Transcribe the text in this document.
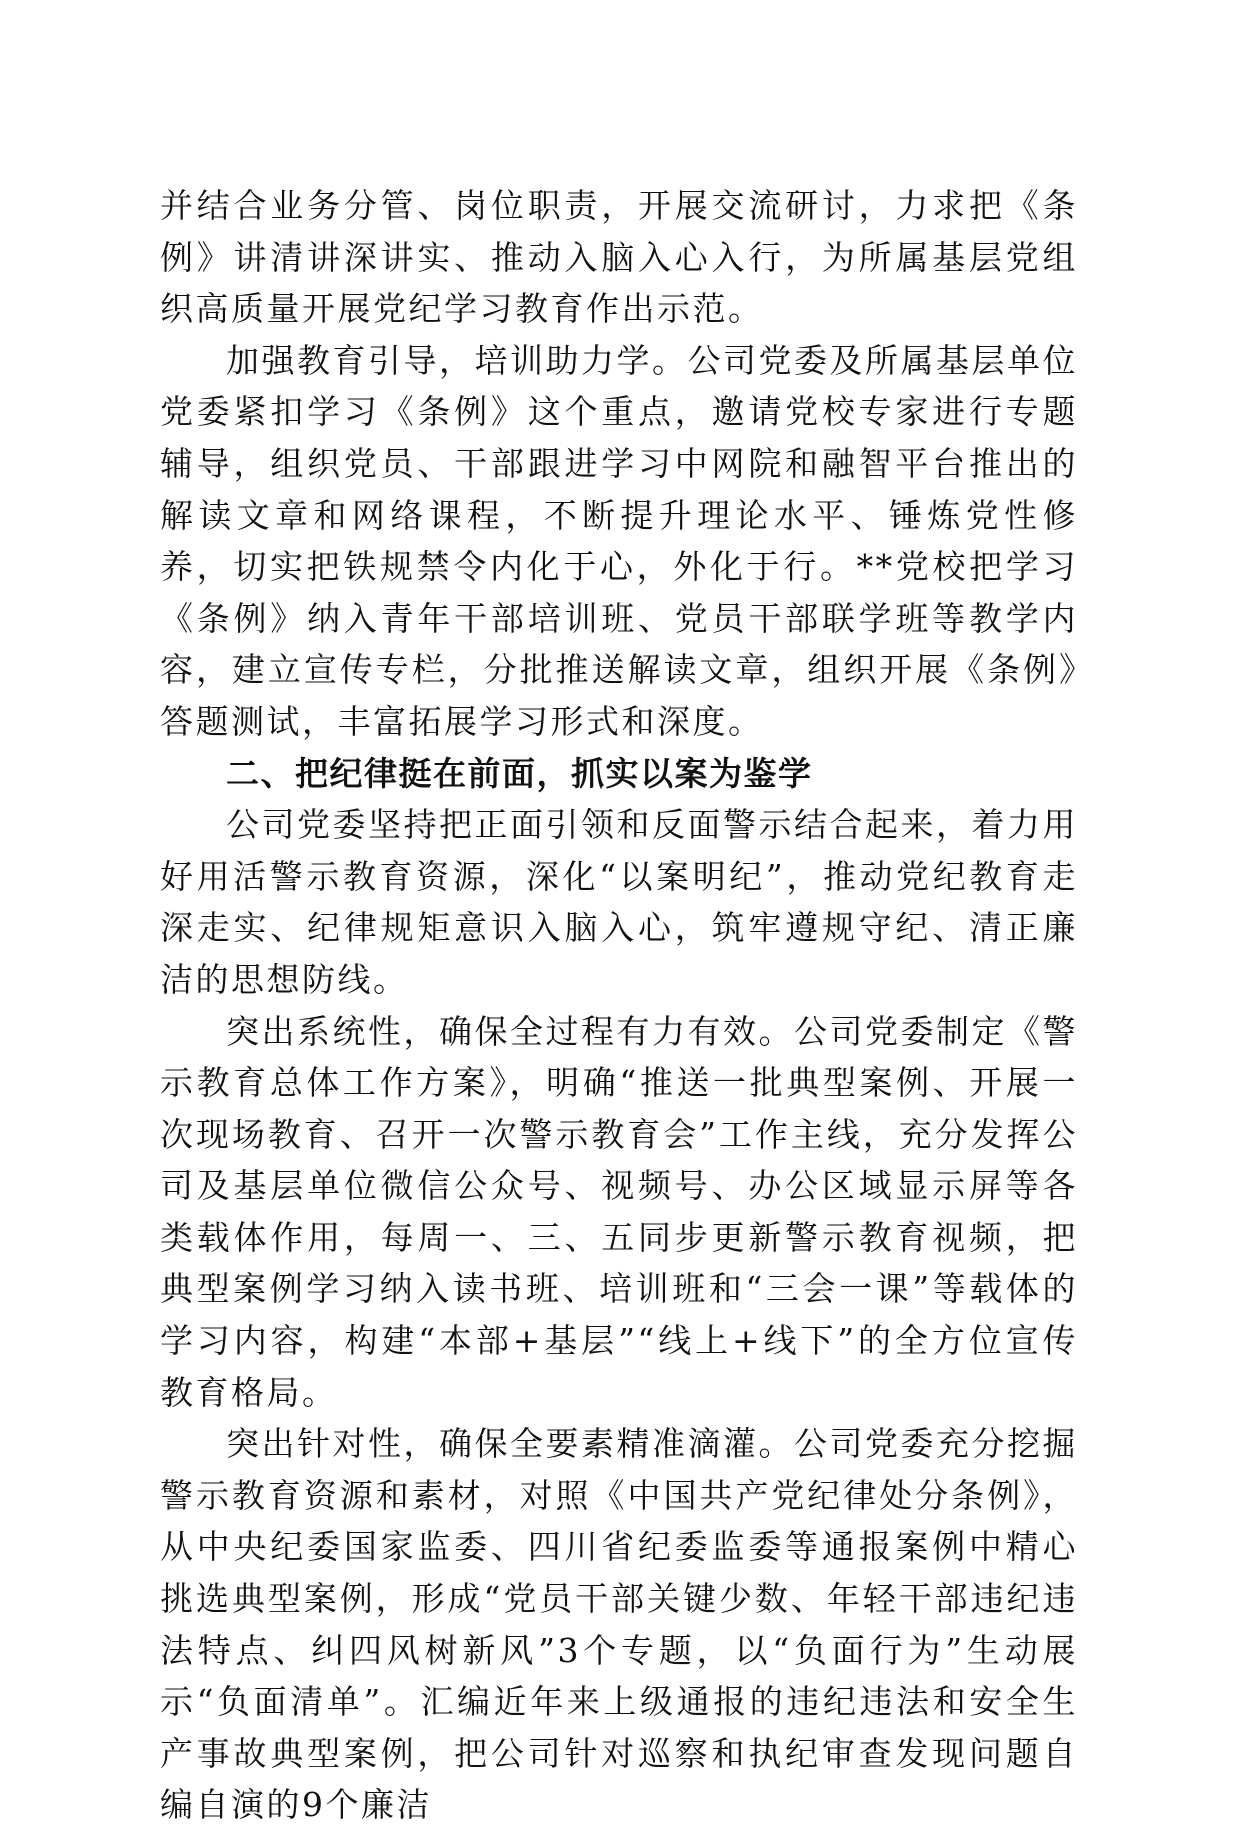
并结合业务分管、岗位职责，开展交流研讨，力求把《条例》讲清讲深讲实、推动入脑入心入行，为所属基层党组织高质量开展党纪学习教育作出示范。

加强教育引导，培训助力学。公司党委及所属基层单位党委紧扣学习《条例》这个重点，邀请党校专家进行专题辅导，组织党员、干部跟进学习中网院和融智平台推出的解读文章和网络课程，不断提升理论水平、锤炼党性修养，切实把铁规禁令内化于心，外化于行。**党校把学习《条例》纳入青年干部培训班、党员干部联学班等教学内容，建立宣传专栏，分批推送解读文章，组织开展《条例》答题测试，丰富拓展学习形式和深度。

二、把纪律挺在前面，抓实以案为鉴学

公司党委坚持把正面引领和反面警示结合起来，着力用好用活警示教育资源，深化“以案明纪”，推动党纪教育走深走实、纪律规矩意识入脑入心，筑牢遵规守纪、清正廉洁的思想防线。

突出系统性，确保全过程有力有效。公司党委制定《警示教育总体工作方案》，明确“推送一批典型案例、开展一次现场教育、召开一次警示教育会”工作主线，充分发挥公司及基层单位微信公众号、视频号、办公区域显示屏等各类载体作用，每周一、三、五同步更新警示教育视频，把典型案例学习纳入读书班、培训班和“三会一课”等载体的学习内容，构建“本部+基层”“线上+线下”的全方位宣传教育格局。

突出针对性，确保全要素精准滴灌。公司党委充分挖掘警示教育资源和素材，对照《中国共产党纪律处分条例》，从中央纪委国家监委、四川省纪委监委等通报案例中精心挑选典型案例，形成“党员干部关键少数、年轻干部违纪违法特点、纠四风树新风”3个专题，以“负面行为”生动展示“负面清单”。汇编近年来上级通报的违纪违法和安全生产事故典型案例，把公司针对巡察和执纪审查发现问题自编自演的9个廉洁
